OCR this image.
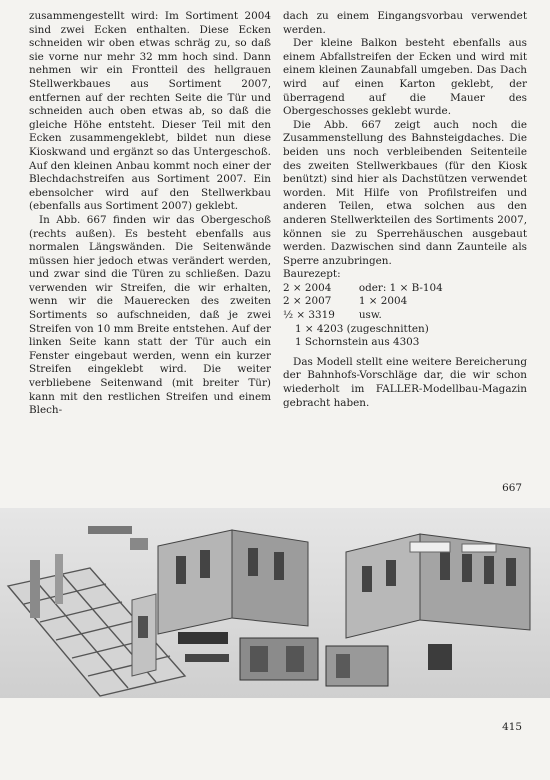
zusammengestellt wird: Im Sortiment 2004 sind zwei Ecken enthalten. Diese Ecken schneiden wir oben etwas schräg zu, so daß sie vorne nur mehr 32 mm hoch sind. Dann nehmen wir ein Frontteil des hellgrauen Stellwerkbaues aus Sortiment 2007, entfernen auf der rechten Seite die Tür und schneiden auch oben etwas ab, so daß die gleiche Höhe entsteht. Dieser Teil mit den Ecken zusammengeklebt, bildet nun diese Kioskwand und ergänzt so das Untergeschoß. Auf den kleinen Anbau kommt noch einer der Blechdachstreifen aus Sortiment 2007. Ein ebensolcher wird auf den Stellwerkbau (ebenfalls aus Sortiment 2007) geklebt.

In Abb. 667 finden wir das Obergeschoß (rechts außen). Es besteht ebenfalls aus normalen Längswänden. Die Seitenwände müssen hier jedoch etwas verändert werden, und zwar sind die Türen zu schließen. Dazu verwenden wir Streifen, die wir erhalten, wenn wir die Mauerecken des zweiten Sortiments so aufschneiden, daß je zwei Streifen von 10 mm Breite entstehen. Auf der linken Seite kann statt der Tür auch ein Fenster eingebaut werden, wenn ein kurzer Streifen eingeklebt wird. Die weiter verbliebene Seitenwand (mit breiter Tür) kann mit den restlichen Streifen und einem Blech-

dach zu einem Eingangsvorbau verwendet werden.

Der kleine Balkon besteht ebenfalls aus einem Abfallstreifen der Ecken und wird mit einem kleinen Zaunabfall umgeben. Das Dach wird auf einen Karton geklebt, der überragend auf die Mauer des Obergeschosses geklebt wurde.

Die Abb. 667 zeigt auch noch die Zusammenstellung des Bahnsteigdaches. Die beiden uns noch verbleibenden Seitenteile des zweiten Stellwerkbaues (für den Kiosk benützt) sind hier als Dachstützen verwendet worden. Mit Hilfe von Profilstreifen und anderen Teilen, etwa solchen aus den anderen Stellwerkteilen des Sortiments 2007, können sie zu Sperrehäuschen ausgebaut werden. Dazwischen sind dann Zaunteile als Sperre anzubringen.

Baurezept:

2 × 2004	oder: 1 × B-104
2 × 2007	1 × 2004
½ × 3319	usw.
1 × 4203 (zugeschnitten)	
1 Schornstein aus 4303	

Das Modell stellt eine weitere Bereicherung der Bahnhofs-Vorschläge dar, die wir schon wiederholt im FALLER-Modellbau-Magazin gebracht haben.

667
415
